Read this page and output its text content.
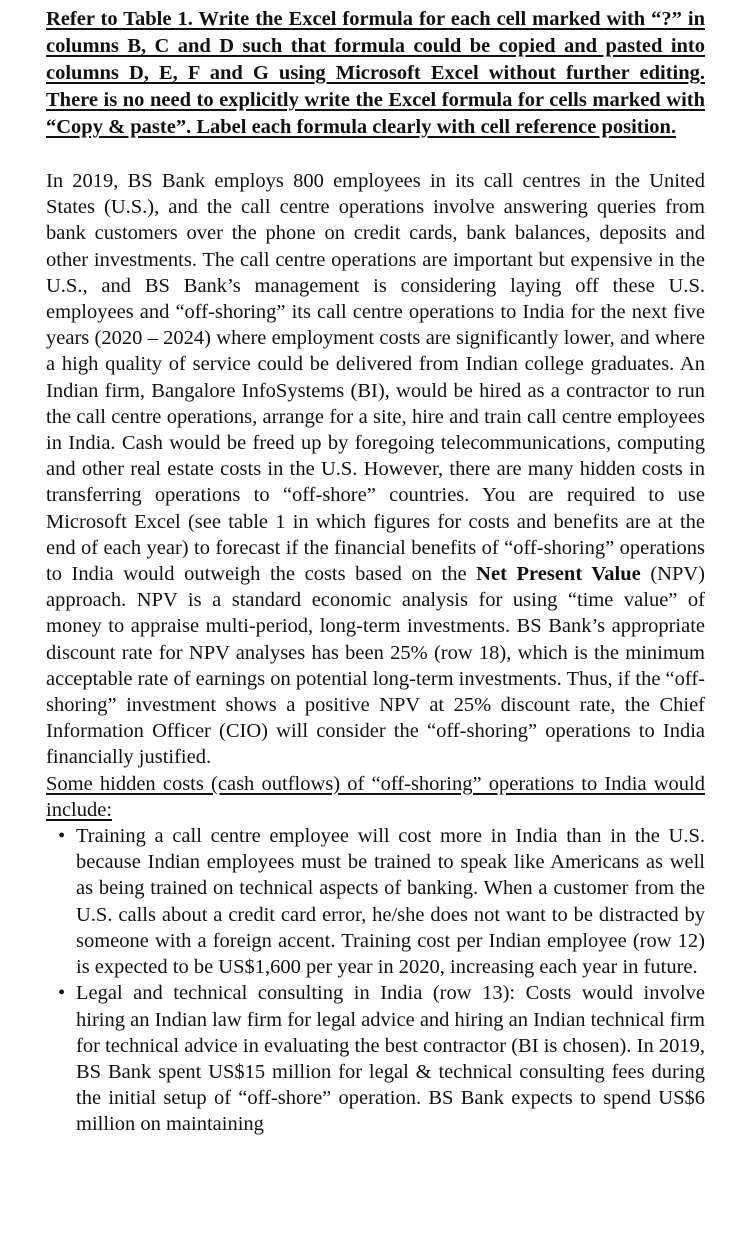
Refer to Table 1. Write the Excel formula for each cell marked with “?” in columns B, C and D such that formula could be copied and pasted into columns D, E, F and G using Microsoft Excel without further editing. There is no need to explicitly write the Excel formula for cells marked with “Copy & paste”. Label each formula clearly with cell reference position.

In 2019, BS Bank employs 800 employees in its call centres in the United States (U.S.), and the call centre operations involve answering queries from bank customers over the phone on credit cards, bank balances, deposits and other investments. The call centre operations are important but expensive in the U.S., and BS Bank’s management is considering laying off these U.S. employees and “off-shoring” its call centre operations to India for the next five years (2020 – 2024) where employment costs are significantly lower, and where a high quality of service could be delivered from Indian college graduates. An Indian firm, Bangalore InfoSystems (BI), would be hired as a contractor to run the call centre operations, arrange for a site, hire and train call centre employees in India. Cash would be freed up by foregoing telecommunications, computing and other real estate costs in the U.S. However, there are many hidden costs in transferring operations to “off-shore” countries. You are required to use Microsoft Excel (see table 1 in which figures for costs and benefits are at the end of each year) to forecast if the financial benefits of “off-shoring” operations to India would outweigh the costs based on the Net Present Value (NPV) approach. NPV is a standard economic analysis for using “time value” of money to appraise multi-period, long-term investments. BS Bank’s appropriate discount rate for NPV analyses has been 25% (row 18), which is the minimum acceptable rate of earnings on potential long-term investments. Thus, if the “off-shoring” investment shows a positive NPV at 25% discount rate, the Chief Information Officer (CIO) will consider the “off-shoring” operations to India financially justified.

Some hidden costs (cash outflows) of “off-shoring” operations to India would include:

• Training a call centre employee will cost more in India than in the U.S. because Indian employees must be trained to speak like Americans as well as being trained on technical aspects of banking. When a customer from the U.S. calls about a credit card error, he/she does not want to be distracted by someone with a foreign accent. Training cost per Indian employee (row 12) is expected to be US$1,600 per year in 2020, increasing each year in future.
• Legal and technical consulting in India (row 13): Costs would involve hiring an Indian law firm for legal advice and hiring an Indian technical firm for technical advice in evaluating the best contractor (BI is chosen). In 2019, BS Bank spent US$15 million for legal & technical consulting fees during the initial setup of “off-shore” operation. BS Bank expects to spend US$6 million on maintaining
